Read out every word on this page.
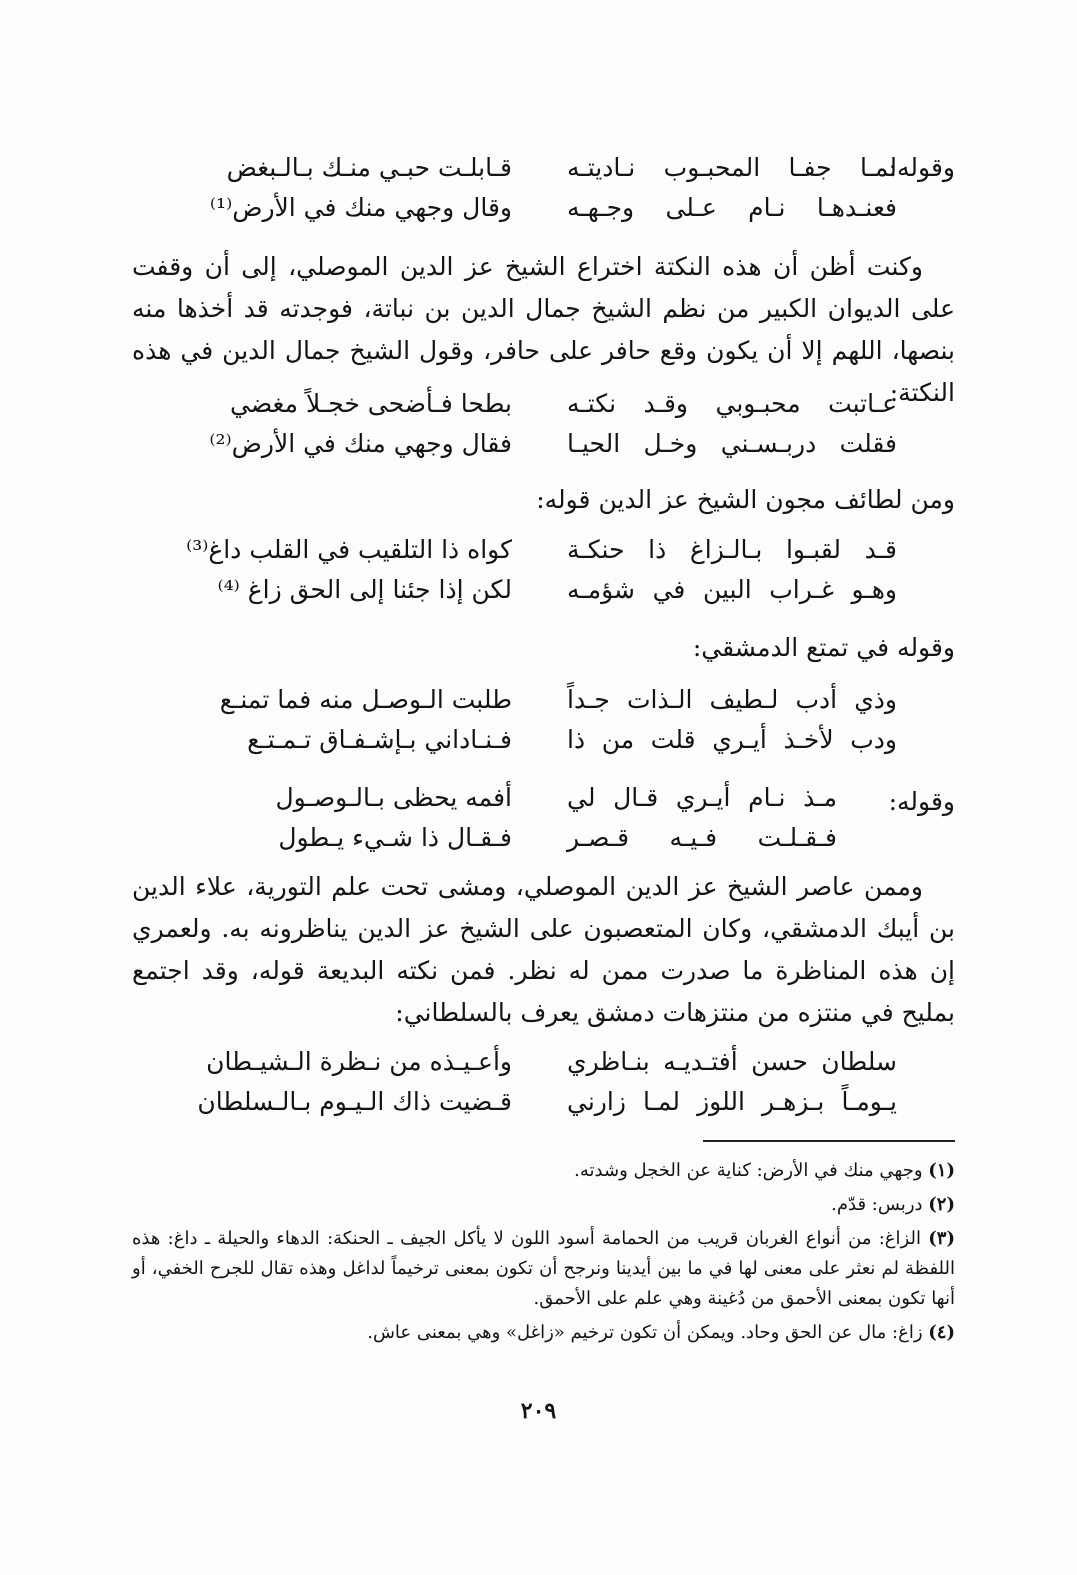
وقوله:
لمـا جفـا المحبـوب نـاديتـه
قـابلـت حبـي منـك بـالـبغض
فعنـدهـا نـام عـلى وجـهـه
وقال وجهي منك في الأرض⁽¹⁾
وكنت أظن أن هذه النكتة اختراع الشيخ عز الدين الموصلي، إلى أن وقفت على الديوان الكبير من نظم الشيخ جمال الدين بن نباتة، فوجدته قد أخذها منه بنصها، اللهم إلا أن يكون وقع حافر على حافر، وقول الشيخ جمال الدين في هذه النكتة:
عـاتبت محبـوبي وقـد نكتـه
بطحا فـأضحى خجـلاً مغضي
فقلت دربـسـني وخـل الحيـا
فقال وجهي منك في الأرض⁽²⁾
ومن لطائف مجون الشيخ عز الدين قوله:
قـد لقبـوا بـالـزاغ ذا حنكـة
كواه ذا التلقيب في القلب داغ⁽³⁾
وهـو غـراب البين في شؤمـه
لكن إذا جئنا إلى الحق زاغ ⁽⁴⁾
وقوله في تمتع الدمشقي:
وذي أدب لـطيف الـذات جـداً
طلبت الـوصـل منه فما تمنـع
ودب لأخـذ أيـري قلت من ذا
فـنـاداني بـإشـفـاق تـمـتـع
وقوله:
مـذ نـام أيـري قـال لي
أفمه يحظى بـالـوصـول
فـقـلـت فـيـه قـصـر
فـقـال ذا شـيء يـطول
وممن عاصر الشيخ عز الدين الموصلي، ومشى تحت علم التورية، علاء الدين بن أيبك الدمشقي، وكان المتعصبون على الشيخ عز الدين يناظرونه به. ولعمري إن هذه المناظرة ما صدرت ممن له نظر. فمن نكته البديعة قوله، وقد اجتمع بمليح في منتزه من منتزهات دمشق يعرف بالسلطاني:
سلطان حسن أفتـديـه بنـاظري
وأعـيـذه من نـظرة الـشيـطان
يـومـاً بـزهـر اللوز لمـا زارني
قـضيت ذاك الـيـوم بـالـسلطان
(١) وجهي منك في الأرض: كناية عن الخجل وشدته.
(٢) دربس: قدّم.
(٣) الزاغ: من أنواع الغربان قريب من الحمامة أسود اللون لا يأكل الجيف ـ الحنكة: الدهاء والحيلة ـ داغ: هذه اللفظة لم نعثر على معنى لها في ما بين أيدينا ونرجح أن تكون بمعنى ترخيماً لداغل وهذه تقال للجرح الخفي، أو أنها تكون بمعنى الأحمق من دُغينة وهي علم على الأحمق.
(٤) زاغ: مال عن الحق وحاد. ويمكن أن تكون ترخيم «زاغل» وهي بمعنى عاش.
٢٠٩
